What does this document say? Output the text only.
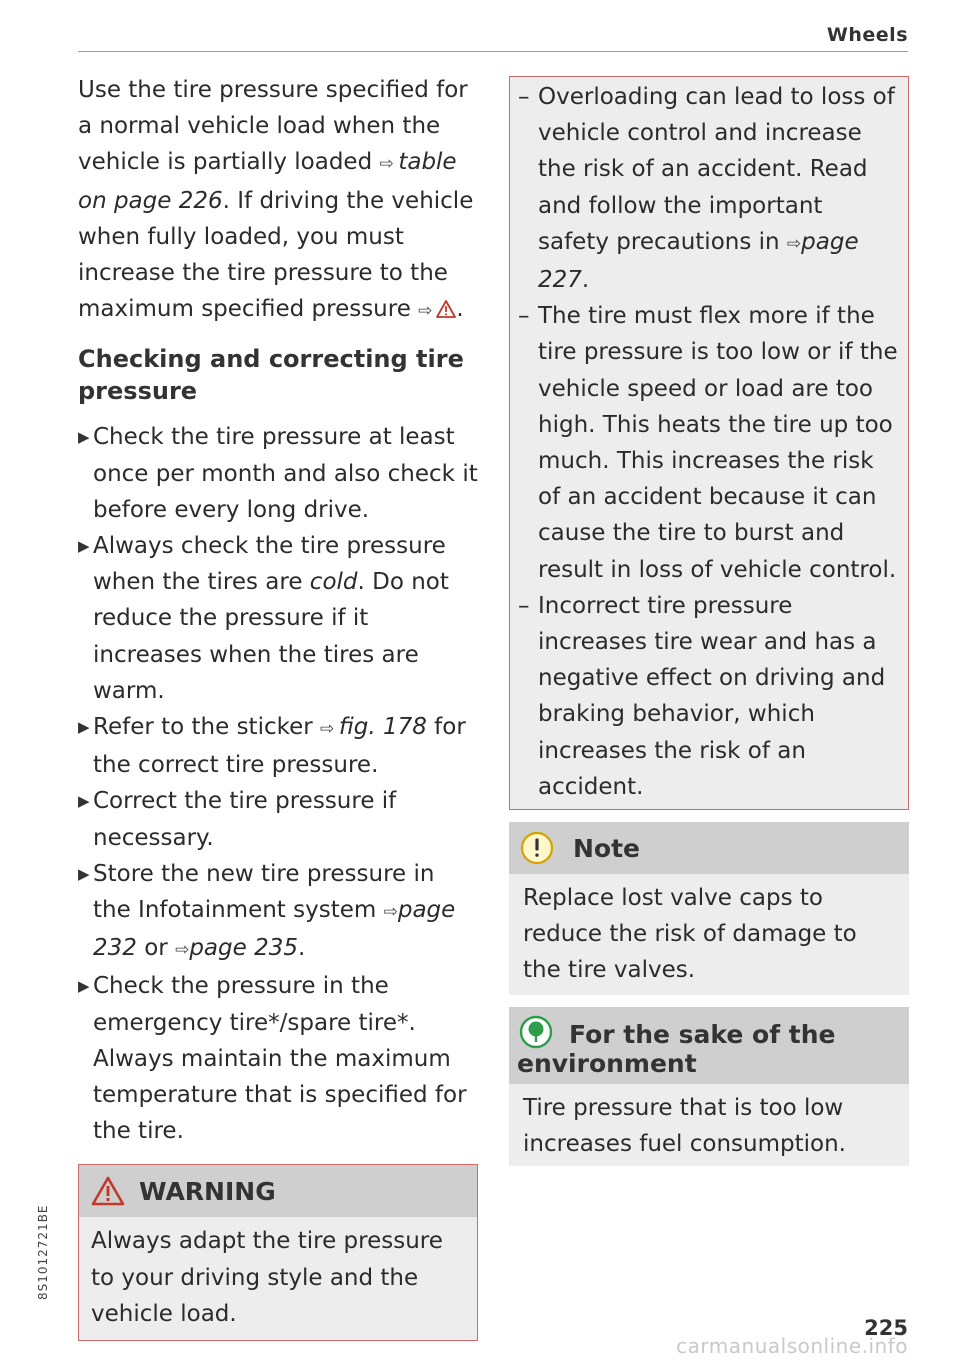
Wheels

Use the tire pressure specified for a normal vehicle load when the vehicle is partially loaded ⇨  table on page 226. If driving the vehicle when fully loaded, you must increase the tire pressure to the maximum specified pressure ⇨ .

Checking and correcting tire pressure
▶ Check the tire pressure at least once per month and also check it before every long drive.
▶ Always check the tire pressure when the tires are cold. Do not reduce the pressure if it increases when the tires are warm.
▶ Refer to the sticker ⇨  fig. 178 for the correct tire pressure.
▶ Correct the tire pressure if necessary.
▶ Store the new tire pressure in the Infotainment system ⇨page 232 or ⇨page 235.
▶ Check the pressure in the emergency tire*/spare tire*. Always maintain the maximum temperature that is specified for the tire.
WARNING
Always adapt the tire pressure to your driving style and the vehicle load.
– Overloading can lead to loss of vehicle control and increase the risk of an accident. Read and follow the important safety precautions in ⇨page 227.
– The tire must flex more if the tire pressure is too low or if the vehicle speed or load are too high. This heats the tire up too much. This increases the risk of an accident because it can cause the tire to burst and result in loss of vehicle control.
– Incorrect tire pressure increases tire wear and has a negative effect on driving and braking behavior, which increases the risk of an accident.
Note
Replace lost valve caps to reduce the risk of damage to the tire valves.
For the sake of the environment
Tire pressure that is too low increases fuel consumption.
8S1012721BE
225
carmanualsonline.info
